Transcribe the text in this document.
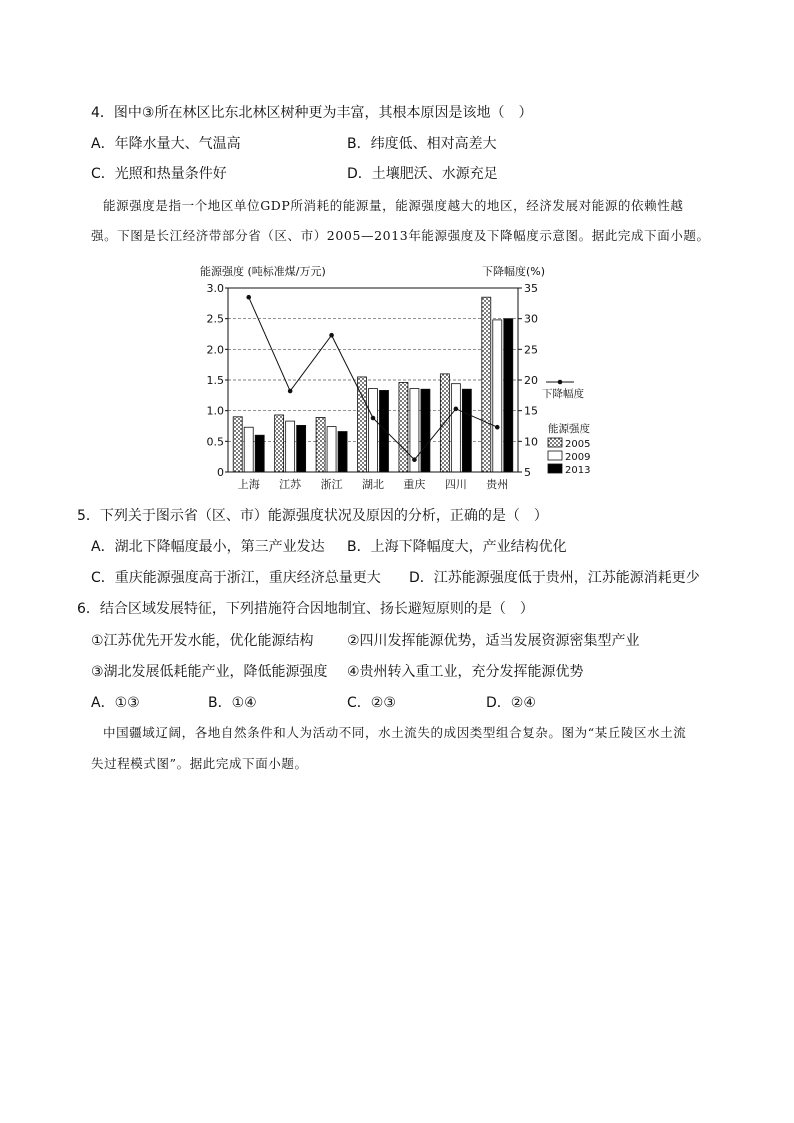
4．图中③所在林区比东北林区树种更为丰富，其根本原因是该地（　）
A．年降水量大、气温高	B．纬度低、相对高差大
C．光照和热量条件好	D．土壤肥沃、水源充足
能源强度是指一个地区单位GDP所消耗的能源量，能源强度越大的地区，经济发展对能源的依赖性越
强。下图是长江经济带部分省（区、市）2005—2013年能源强度及下降幅度示意图。据此完成下面小题。
能源强度 (吨标准煤/万元)	下降幅度(%)
3.0	35
2.5	30
2.0	25
1.5	20
1.0	15
0.5	10
0	5
上海 江苏 浙江 湖北 重庆 四川 贵州
下降幅度
能源强度
2005
2009
2013
5．下列关于图示省（区、市）能源强度状况及原因的分析，正确的是（　）
A．湖北下降幅度最小，第三产业发达 B．上海下降幅度大，产业结构优化
C．重庆能源强度高于浙江，重庆经济总量更大 D．江苏能源强度低于贵州，江苏能源消耗更少
6．结合区域发展特征，下列措施符合因地制宜、扬长避短原则的是（　）
①江苏优先开发水能，优化能源结构 ②四川发挥能源优势，适当发展资源密集型产业
③湖北发展低耗能产业，降低能源强度 ④贵州转入重工业，充分发挥能源优势
A．①③	B．①④	C．②③	D．②④
中国疆域辽阔，各地自然条件和人为活动不同，水土流失的成因类型组合复杂。图为“某丘陵区水土流
失过程模式图”。据此完成下面小题。
